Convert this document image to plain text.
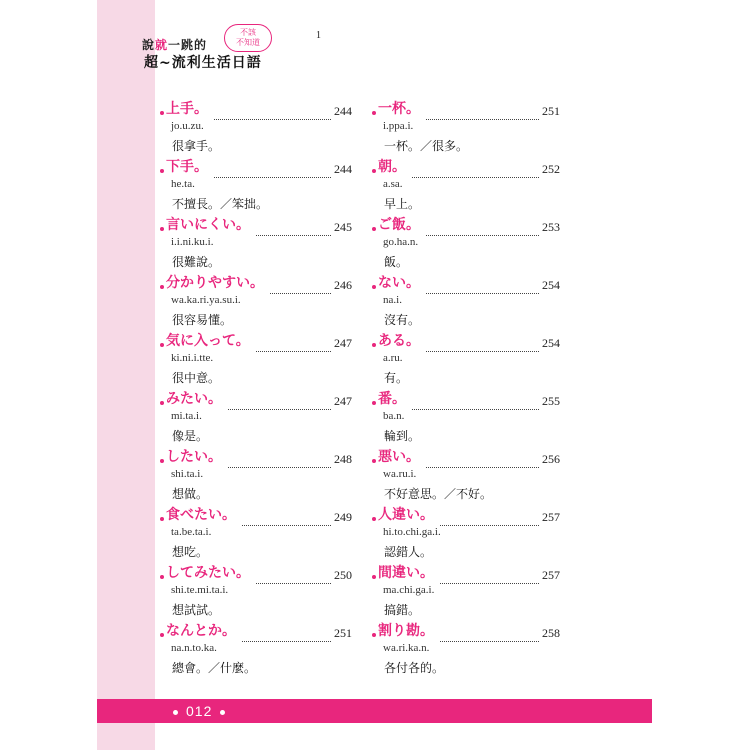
說就一跳的
不該
不知道
超~流利生活日語
1
上手。	244
jo.u.zu.
很拿手。
下手。	244
he.ta.
不擅長。／笨拙。
言いにくい。	245
i.i.ni.ku.i.
很難說。
分かりやすい。	246
wa.ka.ri.ya.su.i.
很容易懂。
気に入って。	247
ki.ni.i.tte.
很中意。
みたい。	247
mi.ta.i.
像是。
したい。	248
shi.ta.i.
想做。
食べたい。	249
ta.be.ta.i.
想吃。
してみたい。	250
shi.te.mi.ta.i.
想試試。
なんとか。	251
na.n.to.ka.
總會。／什麼。
一杯。	251
i.ppa.i.
一杯。／很多。
朝。	252
a.sa.
早上。
ご飯。	253
go.ha.n.
飯。
ない。	254
na.i.
沒有。
ある。	254
a.ru.
有。
番。	255
ba.n.
輪到。
悪い。	256
wa.ru.i.
不好意思。／不好。
人違い。	257
hi.to.chi.ga.i.
認錯人。
間違い。	257
ma.chi.ga.i.
搞錯。
割り勘。	258
wa.ri.ka.n.
各付各的。
012
